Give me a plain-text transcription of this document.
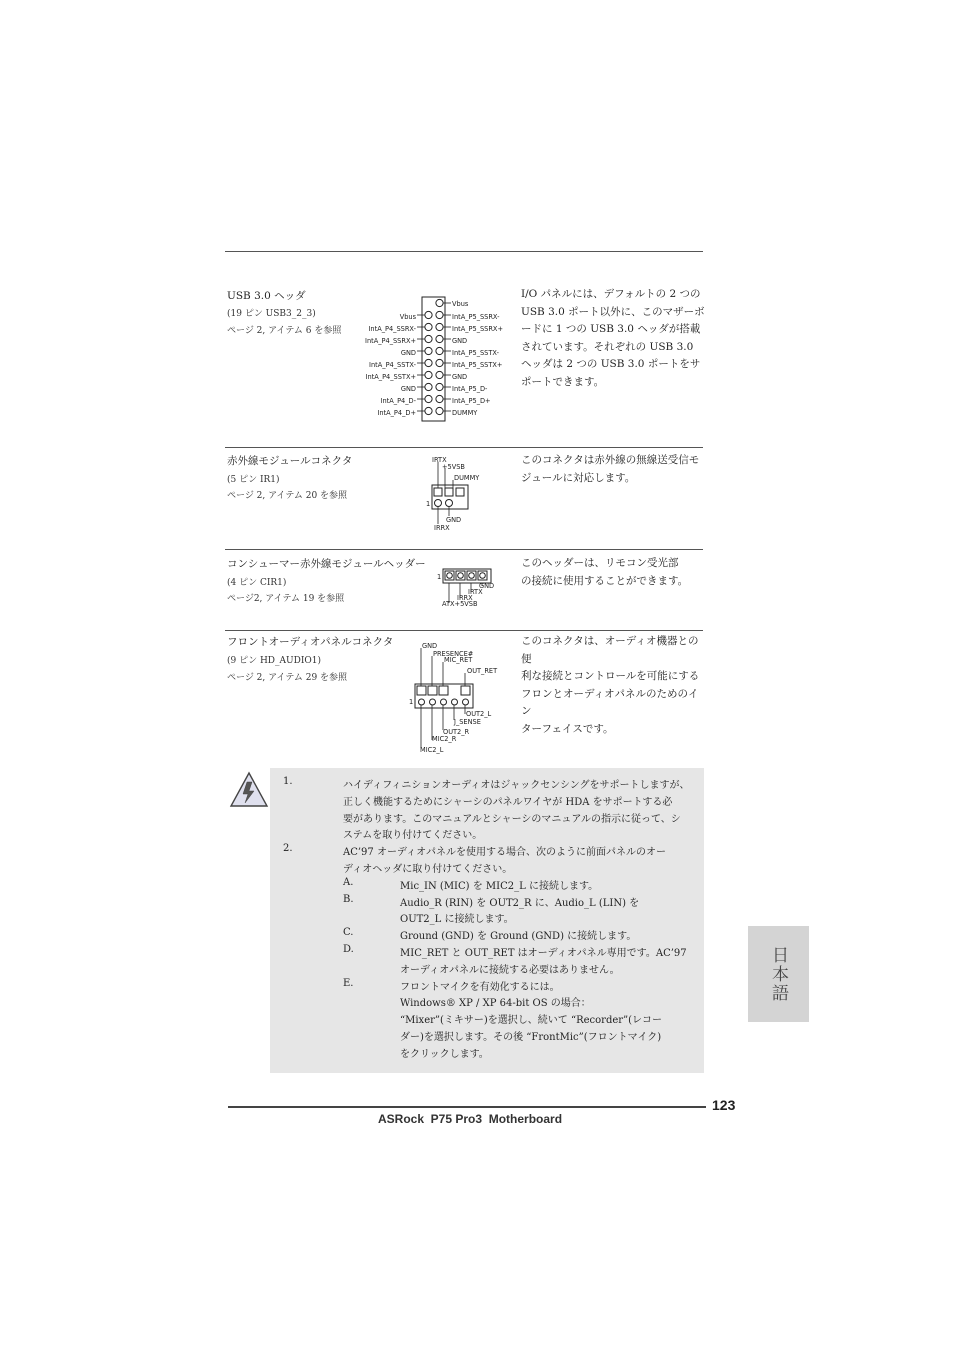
USB 3.0 ヘッダ
(19 ピン USB3_2_3)
ページ 2, アイテム 6 を参照
I/O パネルには、デフォルトの 2 つの
USB 3.0 ポート以外に、このマザーボ
ードに 1 つの USB 3.0 ヘッダが搭載
されています。それぞれの USB 3.0
ヘッダは 2 つの USB 3.0 ポートをサ
ポートできます。
Vbus
IntA_P4_SSRX-
IntA_P4_SSRX+
GND
IntA_P4_SSTX-
IntA_P4_SSTX+
GND
IntA_P4_D-
IntA_P4_D+
Vbus
IntA_P5_SSRX-
IntA_P5_SSRX+
GND
IntA_P5_SSTX-
IntA_P5_SSTX+
GND
IntA_P5_D-
IntA_P5_D+
DUMMY
赤外線モジュールコネクタ
(5 ピン IR1)
ページ 2, アイテム 20 を参照
このコネクタは赤外線の無線送受信モ
ジュールに対応します。
IRTX
+5VSB
DUMMY
1
GND
IRRX
コンシューマー赤外線モジュールヘッダー
(4 ピン CIR1)
ページ2, アイテム 19 を参照
このヘッダーは、リモコン受光部
の接続に使用することができます。
1
GND
IRTX
IRRX
ATX+5VSB
フロントオーディオパネルコネクタ
(9 ピン HD_AUDIO1)
ページ 2, アイテム 29 を参照
このコネクタは、オーディオ機器との便
利な接続とコントロールを可能にする
フロンとオーディオパネルのためのイン
ターフェイスです。
GND
PRESENCE#
MIC_RET
OUT_RET
1
OUT2_L
J_SENSE
OUT2_R
MIC2_R
MIC2_L
1.	ハイディフィニションオーディオはジャックセンシングをサポートしますが、
正しく機能するためにシャーシのパネルワイヤが HDA をサポートする必
要があります。このマニュアルとシャーシのマニュアルの指示に従って、シ
ステムを取り付けてください。
2.	AC’97 オーディオパネルを使用する場合、次のように前面パネルのオー
ディオヘッダに取り付けてください。
A.	Mic_IN (MIC) を MIC2_L に接続します。
B.	Audio_R (RIN) を OUT2_R に、Audio_L (LIN) を
OUT2_L に接続します。
C.	Ground (GND) を Ground (GND) に接続します。
D.	MIC_RET と OUT_RET はオーディオパネル専用です。AC’97
オーディオパネルに接続する必要はありません。
E.	フロントマイクを有効化するには。
Windows® XP / XP 64-bit OS の場合：
“Mixer”(ミキサー)を選択し、続いて “Recorder”(レコー
ダー)を選択します。その後 “FrontMic”(フロントマイク)
をクリックします。
日本語
123
ASRock  P75 Pro3  Motherboard
